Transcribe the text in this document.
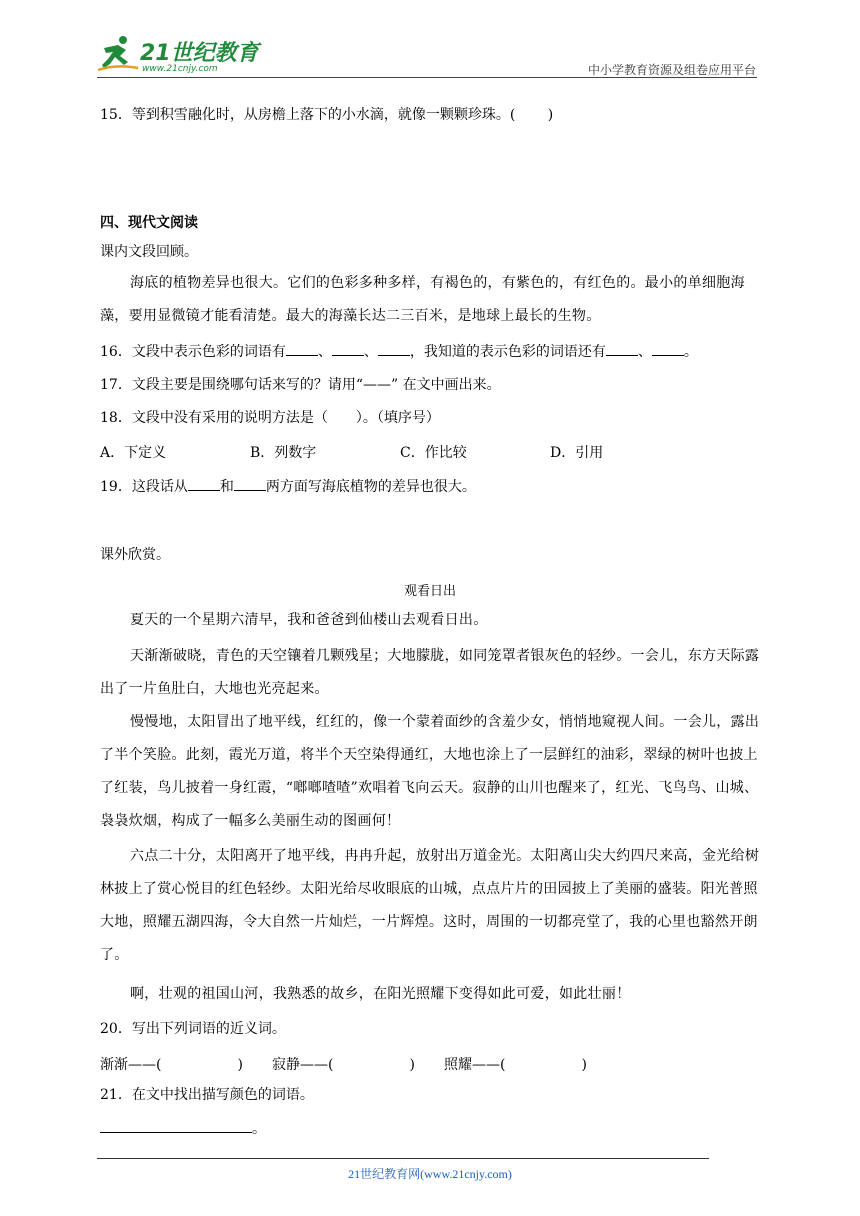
21世纪教育
www.21cnjy.com	中小学教育资源及组卷应用平台
15．等到积雪融化时，从房檐上落下的小水滴，就像一颗颗珍珠。(　　 )
四、现代文阅读
课内文段回顾。
海底的植物差异也很大。它们的色彩多种多样，有褐色的，有紫色的，有红色的。最小的单细胞海藻，要用显微镜才能看清楚。最大的海藻长达二三百米，是地球上最长的生物。
16．文段中表示色彩的词语有 、 、 ，我知道的表示色彩的词语还有 、 。
17．文段主要是围绕哪句话来写的？请用“——” 在文中画出来。
18．文段中没有采用的说明方法是（　　）。（填序号）
A．下定义	B．列数字	C．作比较	D．引用
19．这段话从 和 两方面写海底植物的差异也很大。
课外欣赏。
观看日出
夏天的一个星期六清早，我和爸爸到仙楼山去观看日出。
天渐渐破晓，青色的天空镶着几颗残星；大地朦胧，如同笼罩者银灰色的轻纱。一会儿，东方天际露出了一片鱼肚白，大地也光亮起来。
慢慢地，太阳冒出了地平线，红红的，像一个蒙着面纱的含羞少女，悄悄地窥视人间。一会儿，露出了半个笑脸。此刻，霞光万道，将半个天空染得通红，大地也涂上了一层鲜红的油彩，翠绿的树叶也披上了红装，鸟儿披着一身红霞，“啷啷喳喳”欢唱着飞向云天。寂静的山川也醒来了，红光、飞鸟鸟、山城、袅袅炊烟，构成了一幅多么美丽生动的图画何！
六点二十分，太阳离开了地平线，冉冉升起，放射出万道金光。太阳离山尖大约四尺来高，金光给树林披上了赏心悦目的红色轻纱。太阳光给尽收眼底的山城，点点片片的田园披上了美丽的盛装。阳光普照大地，照耀五湖四海，令大自然一片灿烂，一片辉煌。这时，周围的一切都亮堂了，我的心里也豁然开朗了。
啊，壮观的祖国山河，我熟悉的故乡，在阳光照耀下变得如此可爱，如此壮丽！
20．写出下列词语的近义词。
渐渐——(	) 寂静——(	) 照耀——(	)
21．在文中找出描写颜色的词语。
。
21世纪教育网(www.21cnjy.com)
